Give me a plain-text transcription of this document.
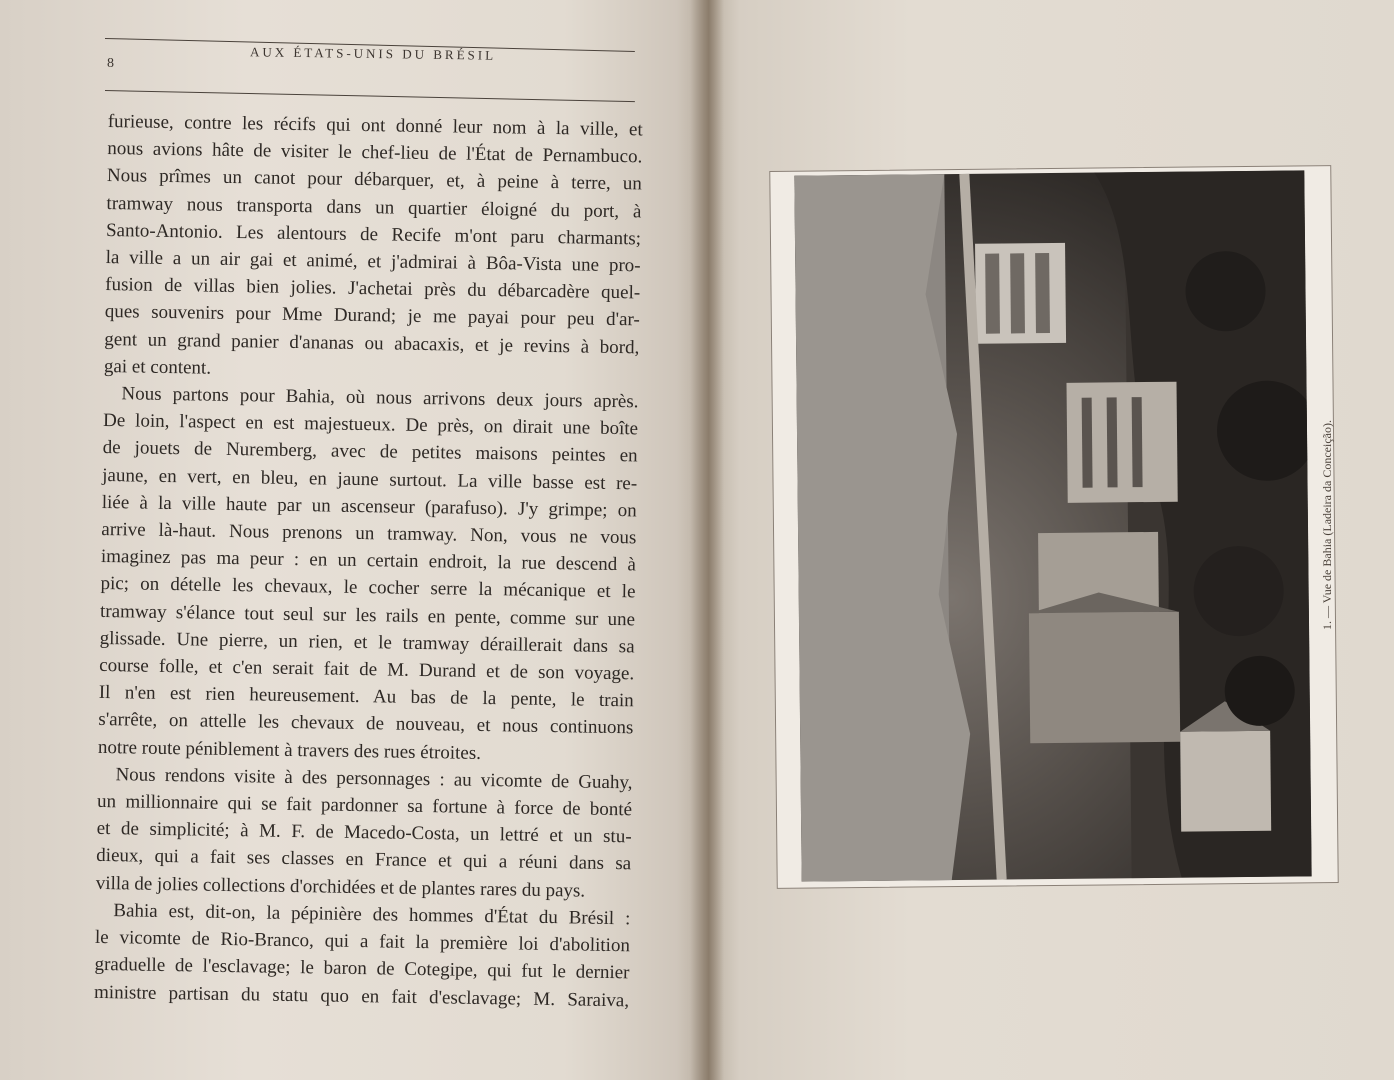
8
AUX ÉTATS-UNIS DU BRÉSIL
furieuse, contre les récifs qui ont donné leur nom à la ville, et
nous avions hâte de visiter le chef-lieu de l'État de Pernambuco.
Nous prîmes un canot pour débarquer, et, à peine à terre, un
tramway nous transporta dans un quartier éloigné du port, à
Santo-Antonio. Les alentours de Recife m'ont paru charmants;
la ville a un air gai et animé, et j'admirai à Bôa-Vista une pro-
fusion de villas bien jolies. J'achetai près du débarcadère quel-
ques souvenirs pour Mme Durand; je me payai pour peu d'ar-
gent un grand panier d'ananas ou abacaxis, et je revins à bord,
gai et content.
Nous partons pour Bahia, où nous arrivons deux jours après.
De loin, l'aspect en est majestueux. De près, on dirait une boîte
de jouets de Nuremberg, avec de petites maisons peintes en
jaune, en vert, en bleu, en jaune surtout. La ville basse est re-
liée à la ville haute par un ascenseur (parafuso). J'y grimpe; on
arrive là-haut. Nous prenons un tramway. Non, vous ne vous
imaginez pas ma peur : en un certain endroit, la rue descend à
pic; on dételle les chevaux, le cocher serre la mécanique et le
tramway s'élance tout seul sur les rails en pente, comme sur une
glissade. Une pierre, un rien, et le tramway déraillerait dans sa
course folle, et c'en serait fait de M. Durand et de son voyage.
Il n'en est rien heureusement. Au bas de la pente, le train
s'arrête, on attelle les chevaux de nouveau, et nous continuons
notre route péniblement à travers des rues étroites.
Nous rendons visite à des personnages : au vicomte de Guahy,
un millionnaire qui se fait pardonner sa fortune à force de bonté
et de simplicité; à M. F. de Macedo-Costa, un lettré et un stu-
dieux, qui a fait ses classes en France et qui a réuni dans sa
villa de jolies collections d'orchidées et de plantes rares du pays.
Bahia est, dit-on, la pépinière des hommes d'État du Brésil :
le vicomte de Rio-Branco, qui a fait la première loi d'abolition
graduelle de l'esclavage; le baron de Cotegipe, qui fut le dernier
ministre partisan du statu quo en fait d'esclavage; M. Saraiva,
1. — Vue de Bahia (Ladeira da Conceição).
